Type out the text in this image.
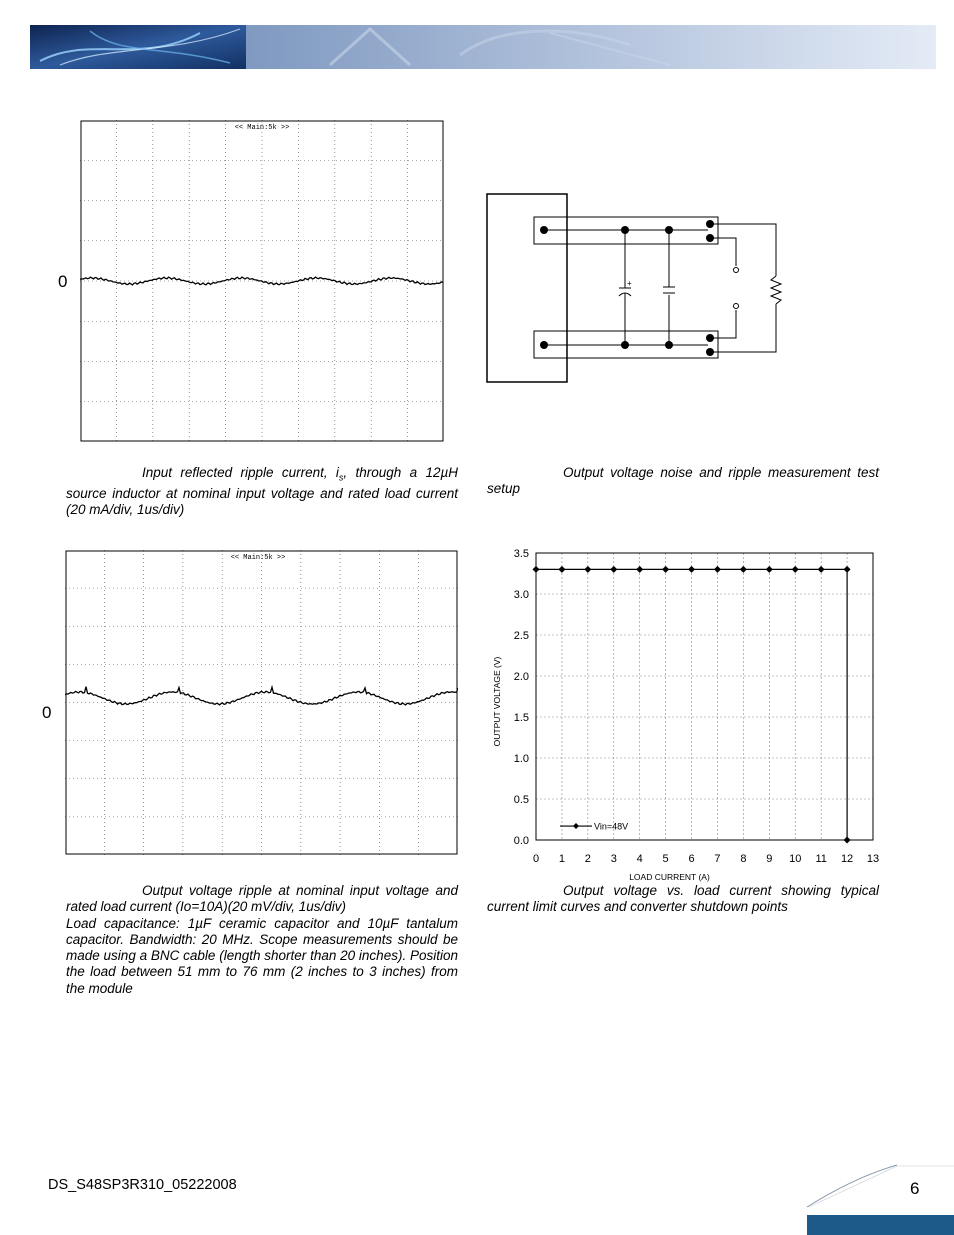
<< Main:5k >>
0	+
<< Main:5k >>
0
0 1 2 3 4 5 6 7 8 9 10 11 12 13
0.0
0.5
1.0
1.5
2.0
2.5
3.0
3.5
LOAD CURRENT (A)
OUTPUT VOLTAGE (V)
Vin=48V
Input reflected ripple current, $i_s$, through a 12µH source inductor at nominal input voltage and rated load current (20 mA/div, 1us/div)
Output voltage noise and ripple measurement test setup
Output voltage ripple at nominal input voltage and rated load current (Io=10A)(20 mV/div, 1us/div)
Load capacitance: 1µF ceramic capacitor and 10µF tantalum capacitor. Bandwidth: 20 MHz. Scope measurements should be made using a BNC cable (length shorter than 20 inches). Position the load between 51 mm to 76 mm (2 inches to 3 inches) from the module
Output voltage vs. load current showing typical current limit curves and converter shutdown points
DS_S48SP3R310_05222008	6
